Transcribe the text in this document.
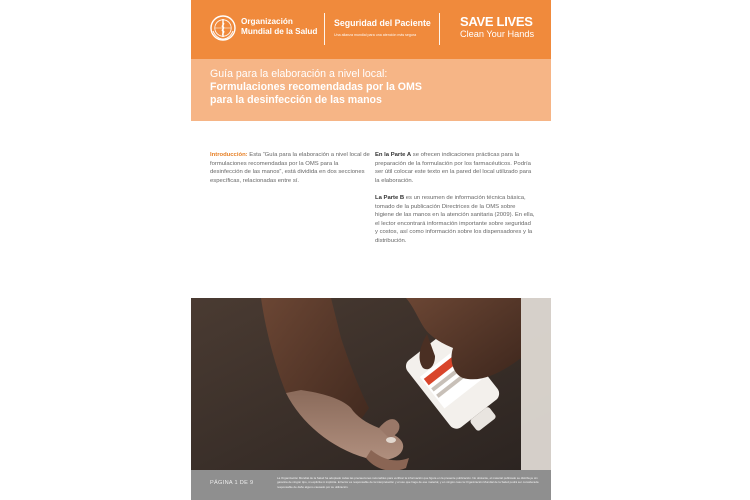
Organización Mundial de la Salud
Seguridad del Paciente
Una alianza mundial para una atención más segura
SAVE LIVES
Clean Your Hands
Guía para la elaboración a nivel local:
Formulaciones recomendadas por la OMS
para la desinfección de las manos

Introducción: Esta “Guía para la elaboración a nivel local de formulaciones recomendadas por la OMS para la desinfección de las manos”, está dividida en dos secciones específicas, relacionadas entre sí.

En la Parte A se ofrecen indicaciones prácticas para la preparación de la formulación por los farmacéuticos. Podría ser útil colocar este texto en la pared del local utilizado para la elaboración.

La Parte B es un resumen de información técnica básica, tomado de la publicación Directrices de la OMS sobre higiene de las manos en la atención sanitaria (2009). En ella, el lector encontrará información importante sobre seguridad y costos, así como información sobre los dispensadores y la distribución.

PÁGINA 1 DE 9
La Organización Mundial de la Salud ha adoptado todas las precauciones razonables para verificar la información que figura en la presente publicación. No obstante, el material publicado se distribuye sin garantía de ningún tipo, ni explícita ni implícita. El lector es responsable de la interpretación y el uso que haga de ese material, y en ningún caso la Organización Mundial de la Salud podrá ser considerada responsable de daño alguno causado por su utilización.
